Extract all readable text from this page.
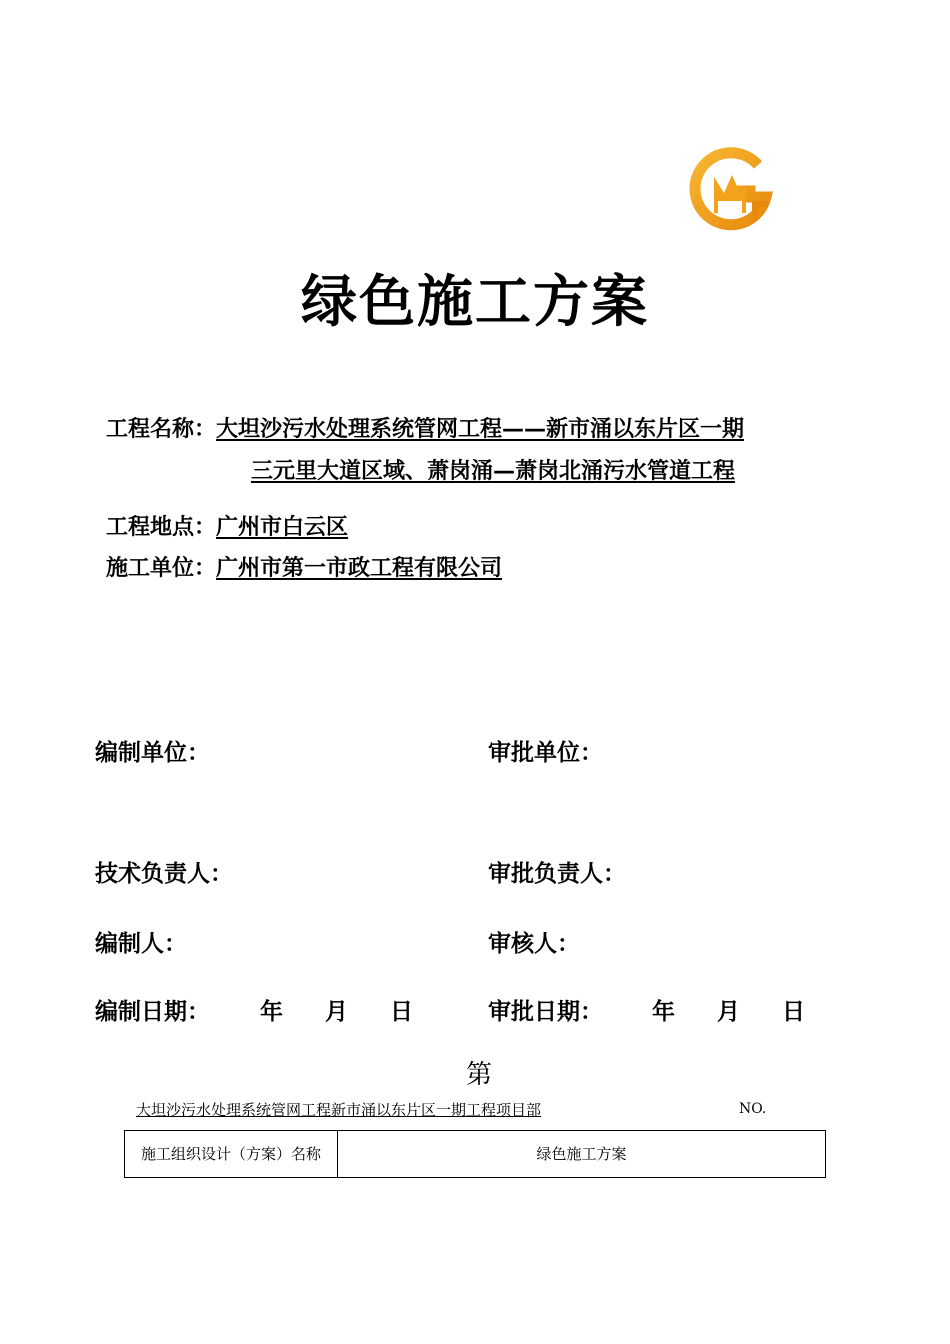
绿色施工方案
工程名称：大坦沙污水处理系统管网工程——新市涌以东片区一期
三元里大道区域、萧岗涌—萧岗北涌污水管道工程
工程地点：广州市白云区
施工单位：广州市第一市政工程有限公司
编制单位：	审批单位：
技术负责人：	审批负责人：
编制人：	审核人：
编制日期： 年 月 日	审批日期： 年 月 日
第
大坦沙污水处理系统管网工程新市涌以东片区一期工程项目部	NO.
施工组织设计（方案）名称	绿色施工方案
